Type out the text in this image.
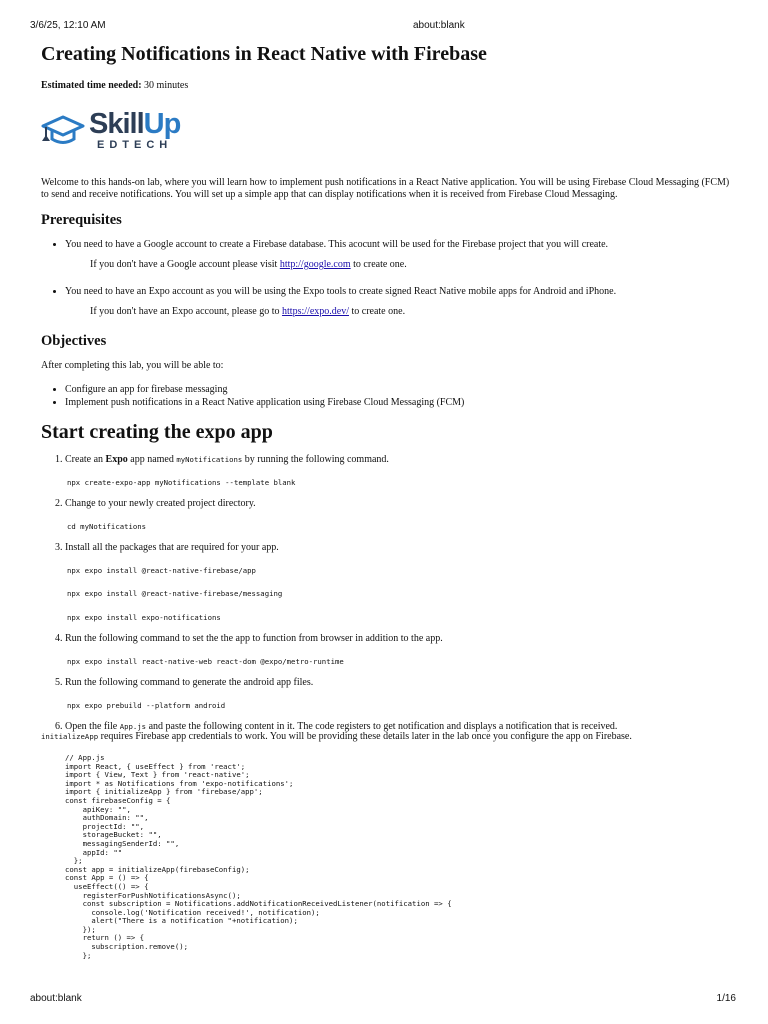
3/6/25, 12:10 AM	about:blank
Creating Notifications in React Native with Firebase

Estimated time needed: 30 minutes

SkillUp
EDTECH

Welcome to this hands-on lab, where you will learn how to implement push notifications in a React Native application. You will be using Firebase Cloud Messaging (FCM) to send and receive notifications. You will set up a simple app that can display notifications when it is received from Firebase Cloud Messaging.

Prerequisites
• You need to have a Google account to create a Firebase database. This acocunt will be used for the Firebase project that you will create.

If you don't have a Google account please visit http://google.com to create one.

• You need to have an Expo account as you will be using the Expo tools to create signed React Native mobile apps for Android and iPhone.

If you don't have an Expo account, please go to https://expo.dev/ to create one.

Objectives

After completing this lab, you will be able to:

• Configure an app for firebase messaging
• Implement push notifications in a React Native application using Firebase Cloud Messaging (FCM)
Start creating the expo app
1. Create an Expo app named myNotifications by running the following command.
npx create-expo-app myNotifications --template blank
2. Change to your newly created project directory.
cd myNotifications
3. Install all the packages that are required for your app.
npx expo install @react-native-firebase/app
npx expo install @react-native-firebase/messaging
npx expo install expo-notifications
4. Run the following command to set the the app to function from browser in addition to the app.
npx expo install react-native-web react-dom @expo/metro-runtime
5. Run the following command to generate the android app files.
npx expo prebuild --platform android
6. Open the file App.js and paste the following content in it. The code registers to get notification and displays a notification that is received.

initializeApp requires Firebase app credentials to work. You will be providing these details later in the lab once you configure the app on Firebase.

// App.js
import React, { useEffect } from 'react';
import { View, Text } from 'react-native';
import * as Notifications from 'expo-notifications';
import { initializeApp } from 'firebase/app';
const firebaseConfig = {
apiKey: "",
authDomain: "",
projectId: "",
storageBucket: "",
messagingSenderId: "",
appId: ""
};
const app = initializeApp(firebaseConfig);
const App = () => {
useEffect(() => {
registerForPushNotificationsAsync();
const subscription = Notifications.addNotificationReceivedListener(notification => {
console.log('Notification received!', notification);
alert("There is a notification "+notification);
});
return () => {
subscription.remove();
};
about:blank	1/16
